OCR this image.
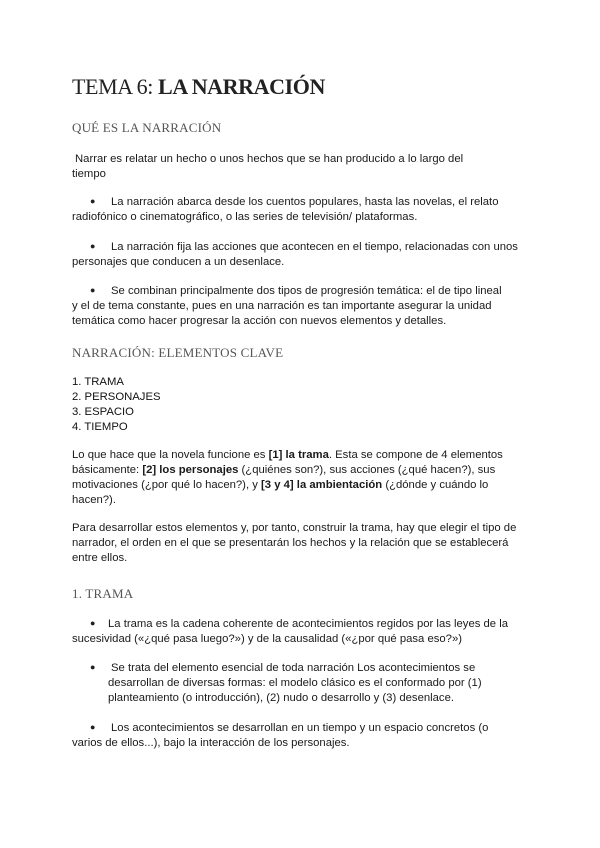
TEMA 6: LA NARRACIÓN
QUÉ ES LA NARRACIÓN
Narrar es relatar un hecho o unos hechos que se han producido a lo largo del
tiempo
● La narración abarca desde los cuentos populares, hasta las novelas, el relato
radiofónico o cinematográfico, o las series de televisión/ plataformas.
● La narración fija las acciones que acontecen en el tiempo, relacionadas con unos
personajes que conducen a un desenlace.
● Se combinan principalmente dos tipos de progresión temática: el de tipo lineal
y el de tema constante, pues en una narración es tan importante asegurar la unidad
temática como hacer progresar la acción con nuevos elementos y detalles.
NARRACIÓN: ELEMENTOS CLAVE
1. TRAMA
2. PERSONAJES
3. ESPACIO
4. TIEMPO
Lo que hace que la novela funcione es [1] la trama. Esta se compone de 4 elementos
básicamente: [2] los personajes (¿quiénes son?), sus acciones (¿qué hacen?), sus
motivaciones (¿por qué lo hacen?), y [3 y 4] la ambientación (¿dónde y cuándo lo
hacen?).
Para desarrollar estos elementos y, por tanto, construir la trama, hay que elegir el tipo de
narrador, el orden en el que se presentarán los hechos y la relación que se establecerá
entre ellos.
1. TRAMA
● La trama es la cadena coherente de acontecimientos regidos por las leyes de la
sucesividad («¿qué pasa luego?») y de la causalidad («¿por qué pasa eso?»)
● Se trata del elemento esencial de toda narración Los acontecimientos se
desarrollan de diversas formas: el modelo clásico es el conformado por (1)
planteamiento (o introducción), (2) nudo o desarrollo y (3) desenlace.
● Los acontecimientos se desarrollan en un tiempo y un espacio concretos (o
varios de ellos...), bajo la interacción de los personajes.
